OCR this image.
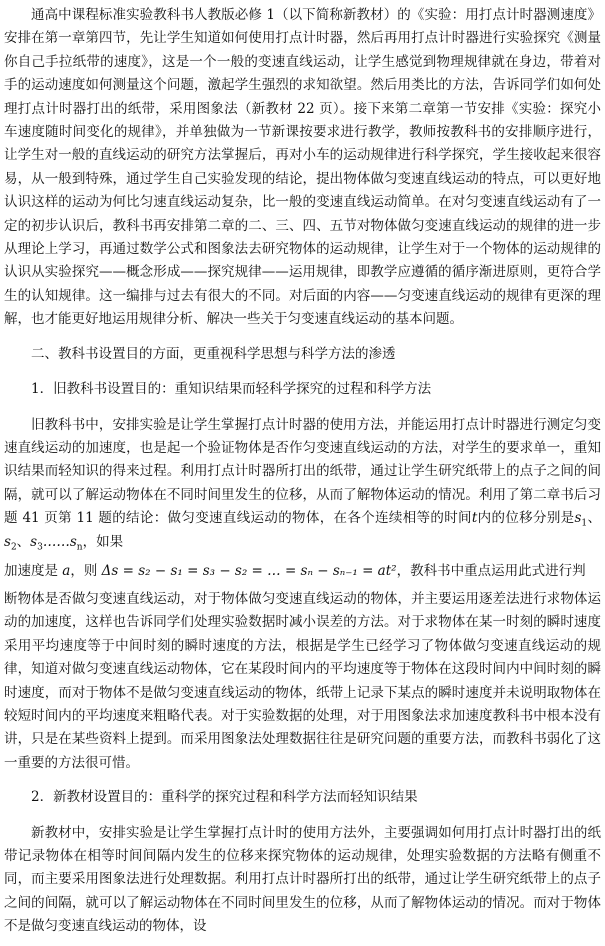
通高中课程标准实验教科书人教版必修 1（以下简称新教材）的《实验：用打点计时器测速度》安排在第一章第四节，先让学生知道如何使用打点计时器，然后再用打点计时器进行实验探究《测量你自己手拉纸带的速度》，这是一个一般的变速直线运动，让学生感觉到物理规律就在身边，带着对手的运动速度如何测量这个问题，激起学生强烈的求知欲望。然后用类比的方法，告诉同学们如何处理打点计时器打出的纸带，采用图象法（新教材 22 页）。接下来第二章第一节安排《实验：探究小车速度随时间变化的规律》，并单独做为一节新课按要求进行教学，教师按教科书的安排顺序进行，让学生对一般的直线运动的研究方法掌握后，再对小车的运动规律进行科学探究，学生接收起来很容易，从一般到特殊，通过学生自己实验发现的结论，提出物体做匀变速直线运动的特点，可以更好地认识这样的运动为何比匀速直线运动复杂，比一般的变速直线运动简单。在对匀变速直线运动有了一定的初步认识后，教科书再安排第二章的二、三、四、五节对物体做匀变速直线运动的规律的进一步从理论上学习，再通过数学公式和图象法去研究物体的运动规律，让学生对于一个物体的运动规律的认识从实验探究——概念形成——探究规律——运用规律，即教学应遵循的循序渐进原则，更符合学生的认知规律。这一编排与过去有很大的不同。对后面的内容——匀变速直线运动的规律有更深的理解，也才能更好地运用规律分析、解决一些关于匀变速直线运动的基本问题。

二、教科书设置目的方面，更重视科学思想与科学方法的渗透

1．旧教科书设置目的：重知识结果而轻科学探究的过程和科学方法

旧教科书中，安排实验是让学生掌握打点计时器的使用方法，并能运用打点计时器进行测定匀变速直线运动的加速度，也是起一个验证物体是否作匀变速直线运动的方法，对学生的要求单一，重知识结果而轻知识的得来过程。利用打点计时器所打出的纸带，通过让学生研究纸带上的点子之间的间隔，就可以了解运动物体在不同时间里发生的位移，从而了解物体运动的情况。利用了第二章书后习题 41 页第 11 题的结论：做匀变速直线运动的物体，在各个连续相等的时间t内的位移分别是$s_1$、$s_2$、$s_3\dots\dots s_n$，如果

加速度是 a，则 Δs = s₂ − s₁ = s₃ − s₂ = … = sₙ − sₙ₋₁ = at²，教科书中重点运用此式进行判

断物体是否做匀变速直线运动，对于物体做匀变速直线运动的物体，并主要运用逐差法进行求物体运动的加速度，这样也告诉同学们处理实验数据时减小误差的方法。对于求物体在某一时刻的瞬时速度采用平均速度等于中间时刻的瞬时速度的方法，根据是学生已经学习了物体做匀变速直线运动的规律，知道对做匀变速直线运动物体，它在某段时间内的平均速度等于物体在这段时间内中间时刻的瞬时速度，而对于物体不是做匀变速直线运动的物体，纸带上记录下某点的瞬时速度并未说明取物体在较短时间内的平均速度来粗略代表。对于实验数据的处理，对于用图象法求加速度教科书中根本没有讲，只是在某些资料上提到。而采用图象法处理数据往往是研究问题的重要方法，而教科书弱化了这一重要的方法很可惜。

2．新教材设置目的：重科学的探究过程和科学方法而轻知识结果

新教材中，安排实验是让学生掌握打点计时的使用方法外，主要强调如何用打点计时器打出的纸带记录物体在相等时间间隔内发生的位移来探究物体的运动规律，处理实验数据的方法略有侧重不同，而主要采用图象法进行处理数据。利用打点计时器所打出的纸带，通过让学生研究纸带上的点子之间的间隔，就可以了解运动物体在不同时间里发生的位移，从而了解物体运动的情况。而对于物体不是做匀变速直线运动的物体，设
